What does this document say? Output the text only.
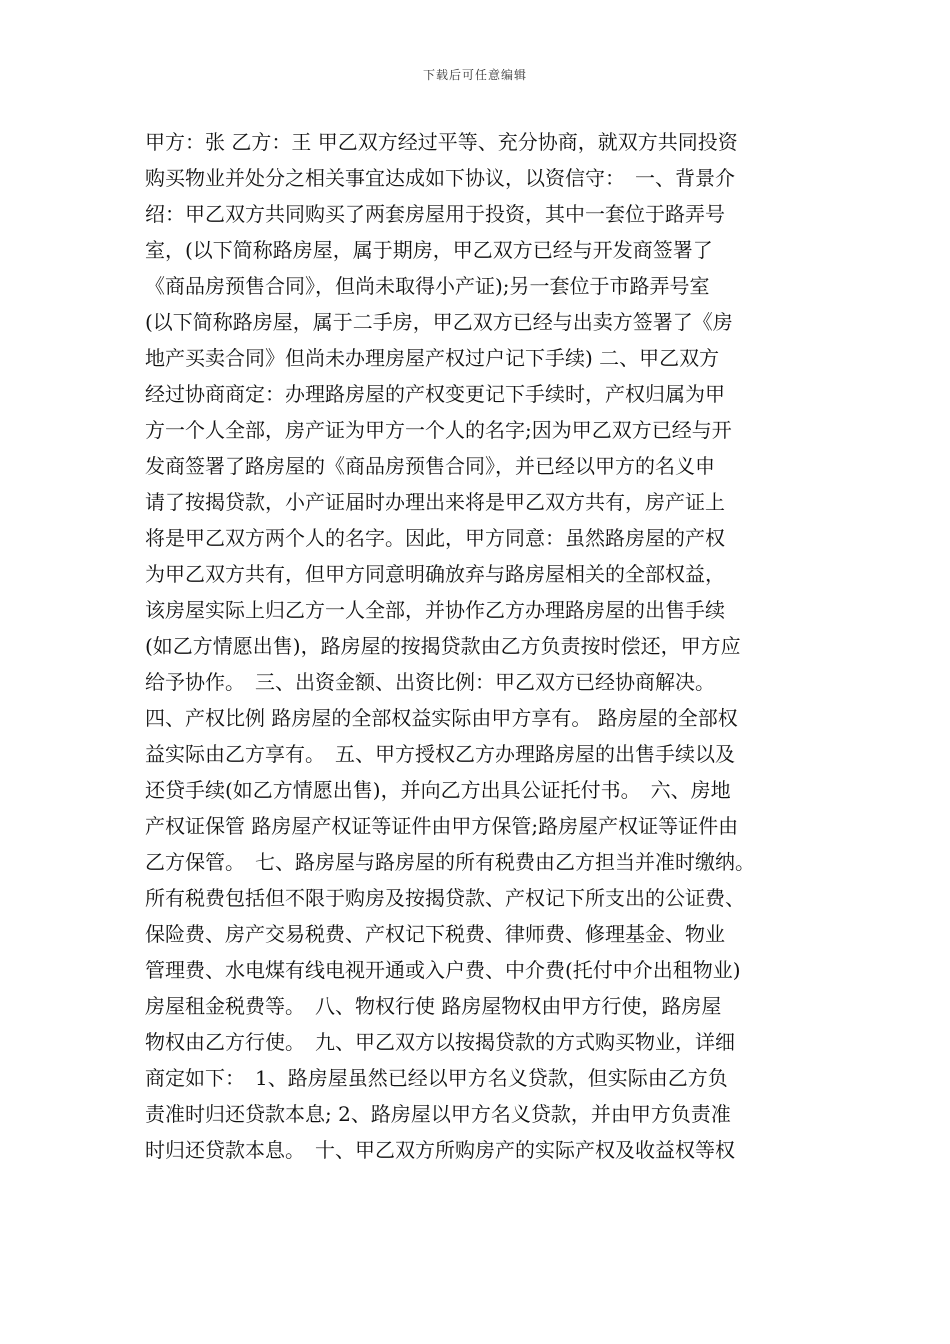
下载后可任意编辑
甲方：张 乙方：王 甲乙双方经过平等、充分协商，就双方共同投资
购买物业并处分之相关事宜达成如下协议，以资信守：　一、背景介
绍：甲乙双方共同购买了两套房屋用于投资，其中一套位于路弄号
室，(以下简称路房屋，属于期房，甲乙双方已经与开发商签署了
《商品房预售合同》，但尚未取得小产证);另一套位于市路弄号室
(以下简称路房屋，属于二手房，甲乙双方已经与出卖方签署了《房
地产买卖合同》但尚未办理房屋产权过户记下手续) 二、甲乙双方
经过协商商定：办理路房屋的产权变更记下手续时，产权归属为甲
方一个人全部，房产证为甲方一个人的名字;因为甲乙双方已经与开
发商签署了路房屋的《商品房预售合同》，并已经以甲方的名义申
请了按揭贷款，小产证届时办理出来将是甲乙双方共有，房产证上
将是甲乙双方两个人的名字。因此，甲方同意：虽然路房屋的产权
为甲乙双方共有，但甲方同意明确放弃与路房屋相关的全部权益，
该房屋实际上归乙方一人全部，并协作乙方办理路房屋的出售手续
(如乙方情愿出售)，路房屋的按揭贷款由乙方负责按时偿还，甲方应
给予协作。　三、出资金额、出资比例：甲乙双方已经协商解决。
四、产权比例 路房屋的全部权益实际由甲方享有。 路房屋的全部权
益实际由乙方享有。　五、甲方授权乙方办理路房屋的出售手续以及
还贷手续(如乙方情愿出售)，并向乙方出具公证托付书。　六、房地
产权证保管 路房屋产权证等证件由甲方保管;路房屋产权证等证件由
乙方保管。　七、路房屋与路房屋的所有税费由乙方担当并准时缴纳。
所有税费包括但不限于购房及按揭贷款、产权记下所支出的公证费、
保险费、房产交易税费、产权记下税费、律师费、修理基金、物业
管理费、水电煤有线电视开通或入户费、中介费(托付中介出租物业)
房屋租金税费等。　八、物权行使 路房屋物权由甲方行使，路房屋
物权由乙方行使。　九、甲乙双方以按揭贷款的方式购买物业，详细
商定如下：　1、路房屋虽然已经以甲方名义贷款，但实际由乙方负
责准时归还贷款本息; 2、路房屋以甲方名义贷款，并由甲方负责准
时归还贷款本息。　十、甲乙双方所购房产的实际产权及收益权等权
